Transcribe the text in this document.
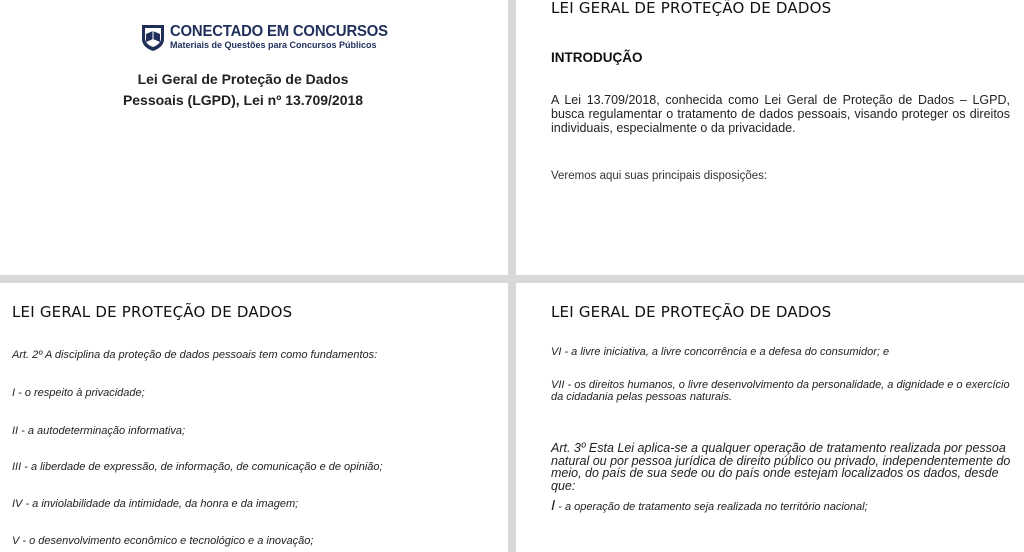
CONECTADO EM CONCURSOS
Materiais de Questões para Concursos Públicos
Lei Geral de Proteção de Dados
Pessoais (LGPD), Lei nº 13.709/2018
LEI GERAL DE PROTEÇÃO DE DADOS
INTRODUÇÃO
A Lei 13.709/2018, conhecida como Lei Geral de Proteção de Dados – LGPD, busca regulamentar o tratamento de dados pessoais, visando proteger os direitos individuais, especialmente o da privacidade.
Veremos aqui suas principais disposições:
LEI GERAL DE PROTEÇÃO DE DADOS
Art. 2º A disciplina da proteção de dados pessoais tem como fundamentos:
I - o respeito à privacidade;
II - a autodeterminação informativa;
III - a liberdade de expressão, de informação, de comunicação e de opinião;
IV - a inviolabilidade da intimidade, da honra e da imagem;
V - o desenvolvimento econômico e tecnológico e a inovação;
LEI GERAL DE PROTEÇÃO DE DADOS
VI - a livre iniciativa, a livre concorrência e a defesa do consumidor; e
VII - os direitos humanos, o livre desenvolvimento da personalidade, a dignidade e o exercício da cidadania pelas pessoas naturais.
Art. 3º Esta Lei aplica-se a qualquer operação de tratamento realizada por pessoa natural ou por pessoa jurídica de direito público ou privado, independentemente do meio, do país de sua sede ou do país onde estejam localizados os dados, desde que:
I - a operação de tratamento seja realizada no território nacional;
